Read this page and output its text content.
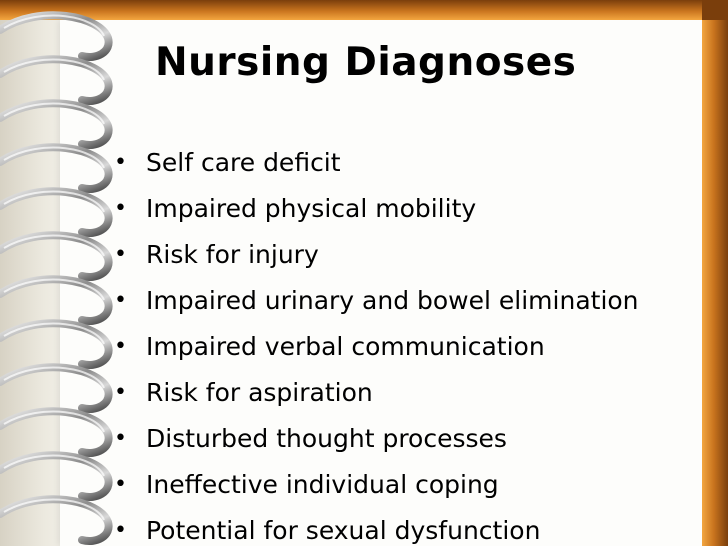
Nursing Diagnoses
• Self care deficit
• Impaired physical mobility
• Risk for injury
• Impaired urinary and bowel elimination
• Impaired verbal communication
• Risk for aspiration
• Disturbed thought processes
• Ineffective individual coping
• Potential for sexual dysfunction
